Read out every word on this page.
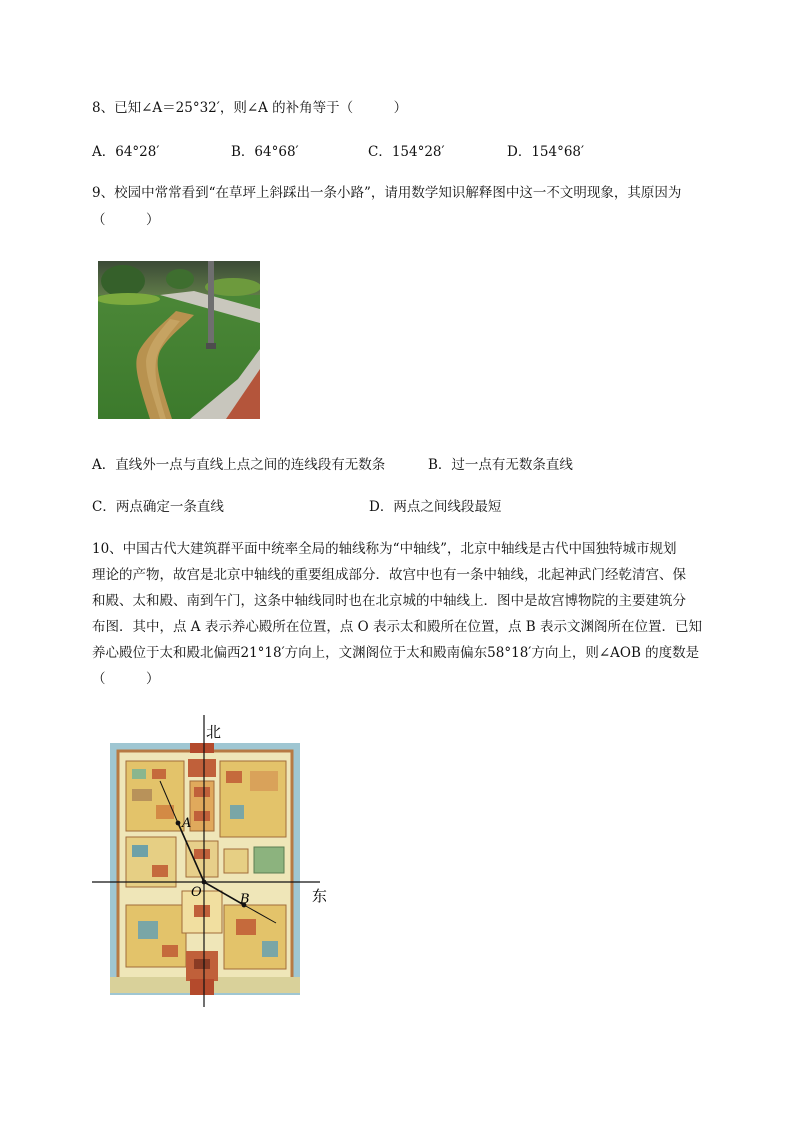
8、已知∠A＝25°32′，则∠A 的补角等于（　　　）
A．64°28′	B．64°68′	C．154°28′	D．154°68′
9、校园中常常看到“在草坪上斜踩出一条小路”，请用数学知识解释图中这一不文明现象，其原因为
（　　　）
A．直线外一点与直线上点之间的连线段有无数条	B．过一点有无数条直线
C．两点确定一条直线	D．两点之间线段最短
10、中国古代大建筑群平面中统率全局的轴线称为“中轴线”，北京中轴线是古代中国独特城市规划
理论的产物，故宫是北京中轴线的重要组成部分．故宫中也有一条中轴线，北起神武门经乾清宫、保
和殿、太和殿、南到午门，这条中轴线同时也在北京城的中轴线上．图中是故宫博物院的主要建筑分
布图．其中，点 A 表示养心殿所在位置，点 O 表示太和殿所在位置，点 B 表示文渊阁所在位置．已知
养心殿位于太和殿北偏西21°18′方向上，文渊阁位于太和殿南偏东58°18′方向上，则∠AOB 的度数是
（　　　）
北
东
A
O	B
